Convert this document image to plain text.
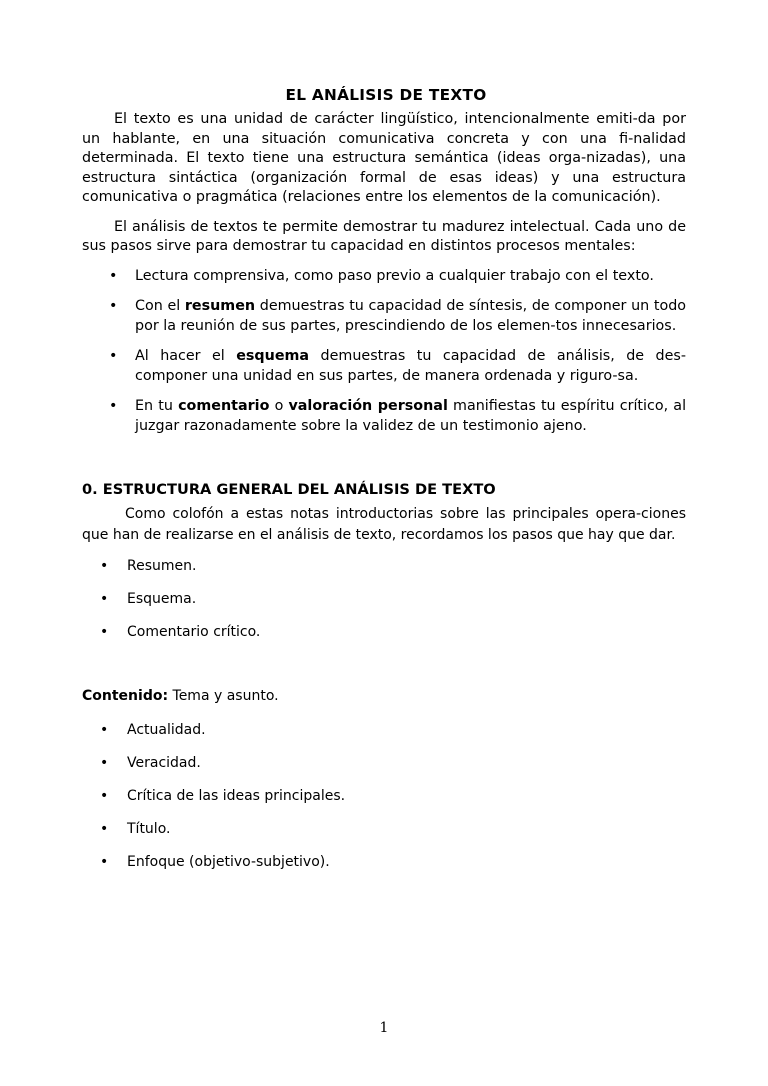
EL ANÁLISIS DE TEXTO

El texto es una unidad de carácter lingüístico, intencionalmente emiti-da por un hablante, en una situación comunicativa concreta y con una fi-nalidad determinada. El texto tiene una estructura semántica (ideas orga-nizadas), una estructura sintáctica (organización formal de esas ideas) y una estructura comunicativa o pragmática (relaciones entre los elementos de la comunicación).

El análisis de textos te permite demostrar tu madurez intelectual. Cada uno de sus pasos sirve para demostrar tu capacidad en distintos procesos mentales:

• Lectura comprensiva, como paso previo a cualquier trabajo con el texto.
• Con el resumen demuestras tu capacidad de síntesis, de componer un todo por la reunión de sus partes, prescindiendo de los elemen-tos innecesarios.
• Al hacer el esquema demuestras tu capacidad de análisis, de des-componer una unidad en sus partes, de manera ordenada y riguro-sa.
• En tu comentario o valoración personal manifiestas tu espíritu crítico, al juzgar razonadamente sobre la validez de un testimonio ajeno.
0. ESTRUCTURA GENERAL DEL ANÁLISIS DE TEXTO

Como colofón a estas notas introductorias sobre las principales opera-ciones que han de realizarse en el análisis de texto, recordamos los pasos que hay que dar.

• Resumen.
• Esquema.
• Comentario crítico.
Contenido: Tema y asunto.
• Actualidad.
• Veracidad.
• Crítica de las ideas principales.
• Título.
• Enfoque (objetivo-subjetivo).
1
